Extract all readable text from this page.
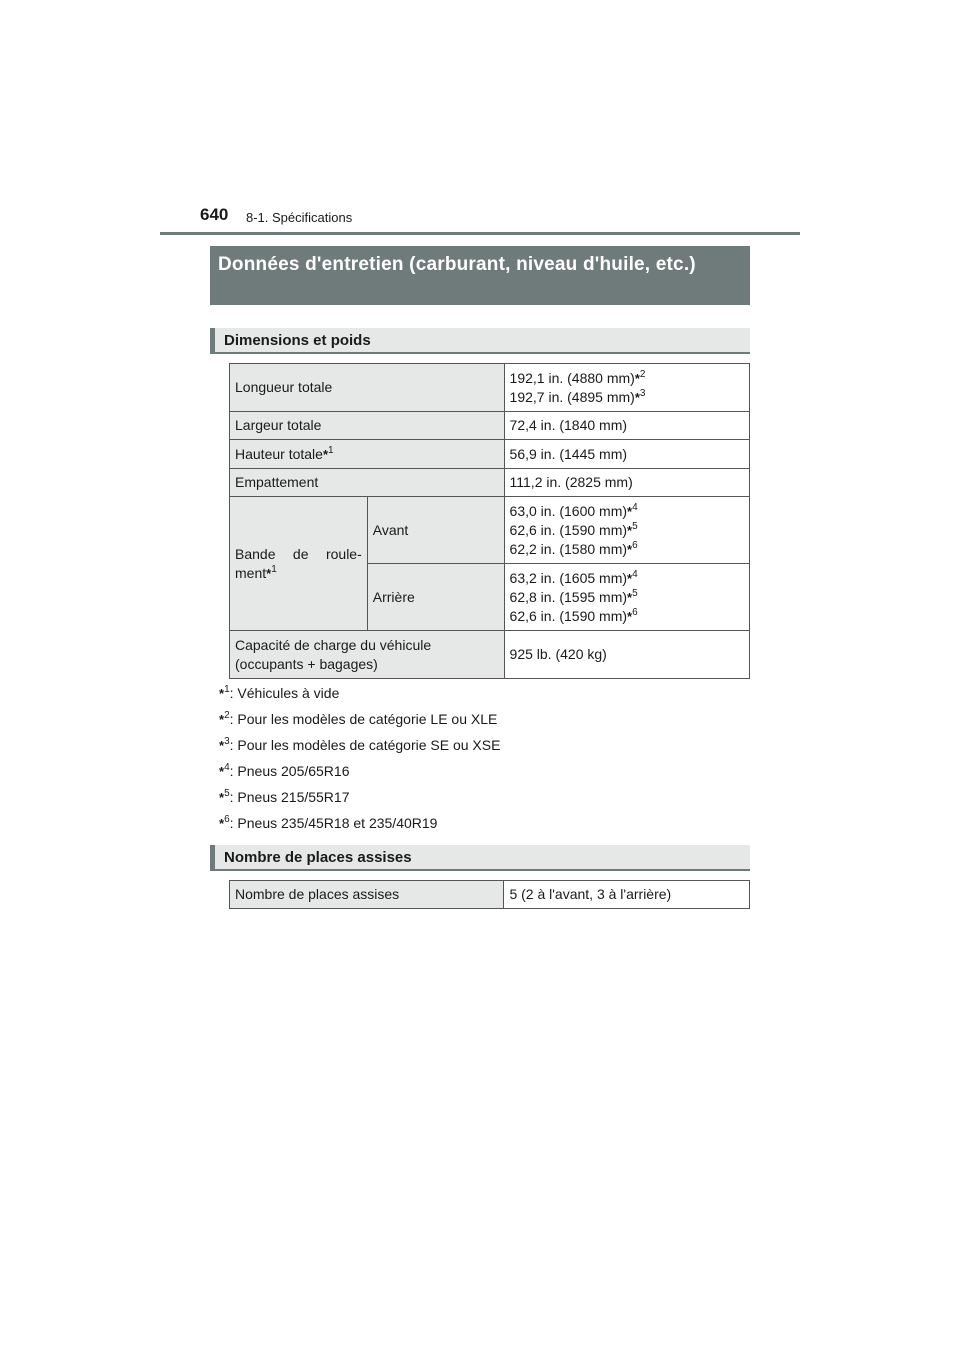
640 8-1. Spécifications
Données d'entretien (carburant, niveau d'huile, etc.)
Dimensions et poids
Longueur totale		192,1 in. (4880 mm)*$^2$
192,7 in. (4895 mm)*$^3$
Largeur totale		72,4 in. (1840 mm)
Hauteur totale*$^1$		56,9 in. (1445 mm)
Empattement		111,2 in. (2825 mm)

Bande de roule-
ment*$^1$	Avant	63,0 in. (1600 mm)*$^4$
62,6 in. (1590 mm)*$^5$
62,2 in. (1580 mm)*$^6$
	Arrière	63,2 in. (1605 mm)*$^4$
62,8 in. (1595 mm)*$^5$
62,6 in. (1590 mm)*$^6$
Capacité de charge du véhicule
(occupants + bagages)		925 lb. (420 kg)
*$^1$: Véhicules à vide
*$^2$: Pour les modèles de catégorie LE ou XLE
*$^3$: Pour les modèles de catégorie SE ou XSE
*$^4$: Pneus 205/65R16
*$^5$: Pneus 215/55R17
*$^6$: Pneus 235/45R18 et 235/40R19
Nombre de places assises
Nombre de places assises	5 (2 à l'avant, 3 à l'arrière)
